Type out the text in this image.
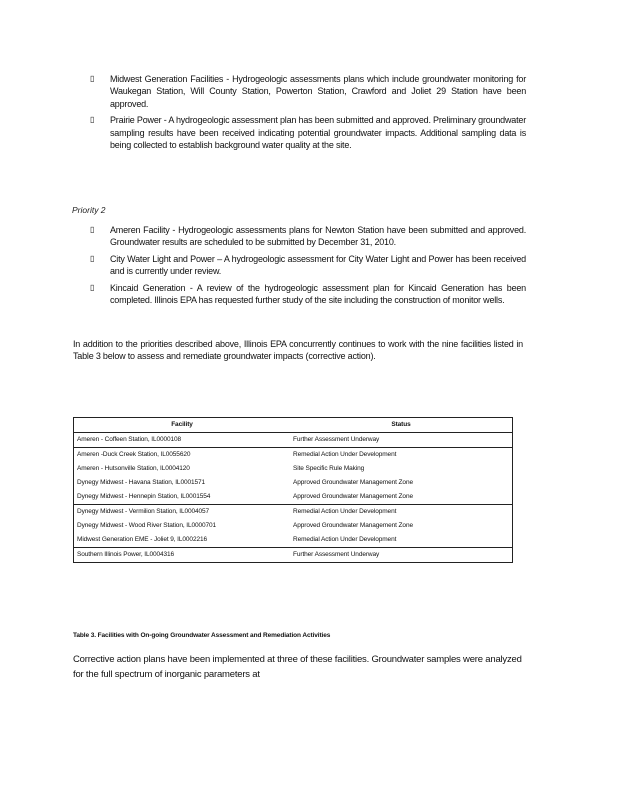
▯ Midwest Generation Facilities - Hydrogeologic assessments plans which include groundwater monitoring for Waukegan Station, Will County Station, Powerton Station, Crawford and Joliet 29 Station have been approved.
▯ Prairie Power - A hydrogeologic assessment plan has been submitted and approved. Preliminary groundwater sampling results have been received indicating potential groundwater impacts. Additional sampling data is being collected to establish background water quality at the site.
Priority 2
▯ Ameren Facility - Hydrogeologic assessments plans for Newton Station have been submitted and approved. Groundwater results are scheduled to be submitted by December 31, 2010.
▯ City Water Light and Power – A hydrogeologic assessment for City Water Light and Power has been received and is currently under review.
▯ Kincaid Generation - A review of the hydrogeologic assessment plan for Kincaid Generation has been completed. Illinois EPA has requested further study of the site including the construction of monitor wells.
In addition to the priorities described above, Illinois EPA concurrently continues to work with the nine facilities listed in Table 3 below to assess and remediate groundwater impacts (corrective action).
Facility	Status
Ameren - Coffeen Station, IL0000108	Further Assessment Underway
Ameren -Duck Creek Station, IL0055620	Remedial Action Under Development
Ameren - Hutsonville Station, IL0004120	Site Specific Rule Making
Dynegy Midwest - Havana Station, IL0001571	Approved Groundwater Management Zone
Dynegy Midwest - Hennepin Station, IL0001554	Approved Groundwater Management Zone
Dynegy Midwest - Vermilion Station, IL0004057	Remedial Action Under Development
Dynegy Midwest - Wood River Station, IL0000701	Approved Groundwater Management Zone
Midwest Generation EME - Joliet 9, IL0002216	Remedial Action Under Development
Southern Illinois Power, IL0004316	Further Assessment Underway
Table 3. Facilities with On-going Groundwater Assessment and Remediation Activities
Corrective action plans have been implemented at three of these facilities. Groundwater samples were analyzed for the full spectrum of inorganic parameters at
